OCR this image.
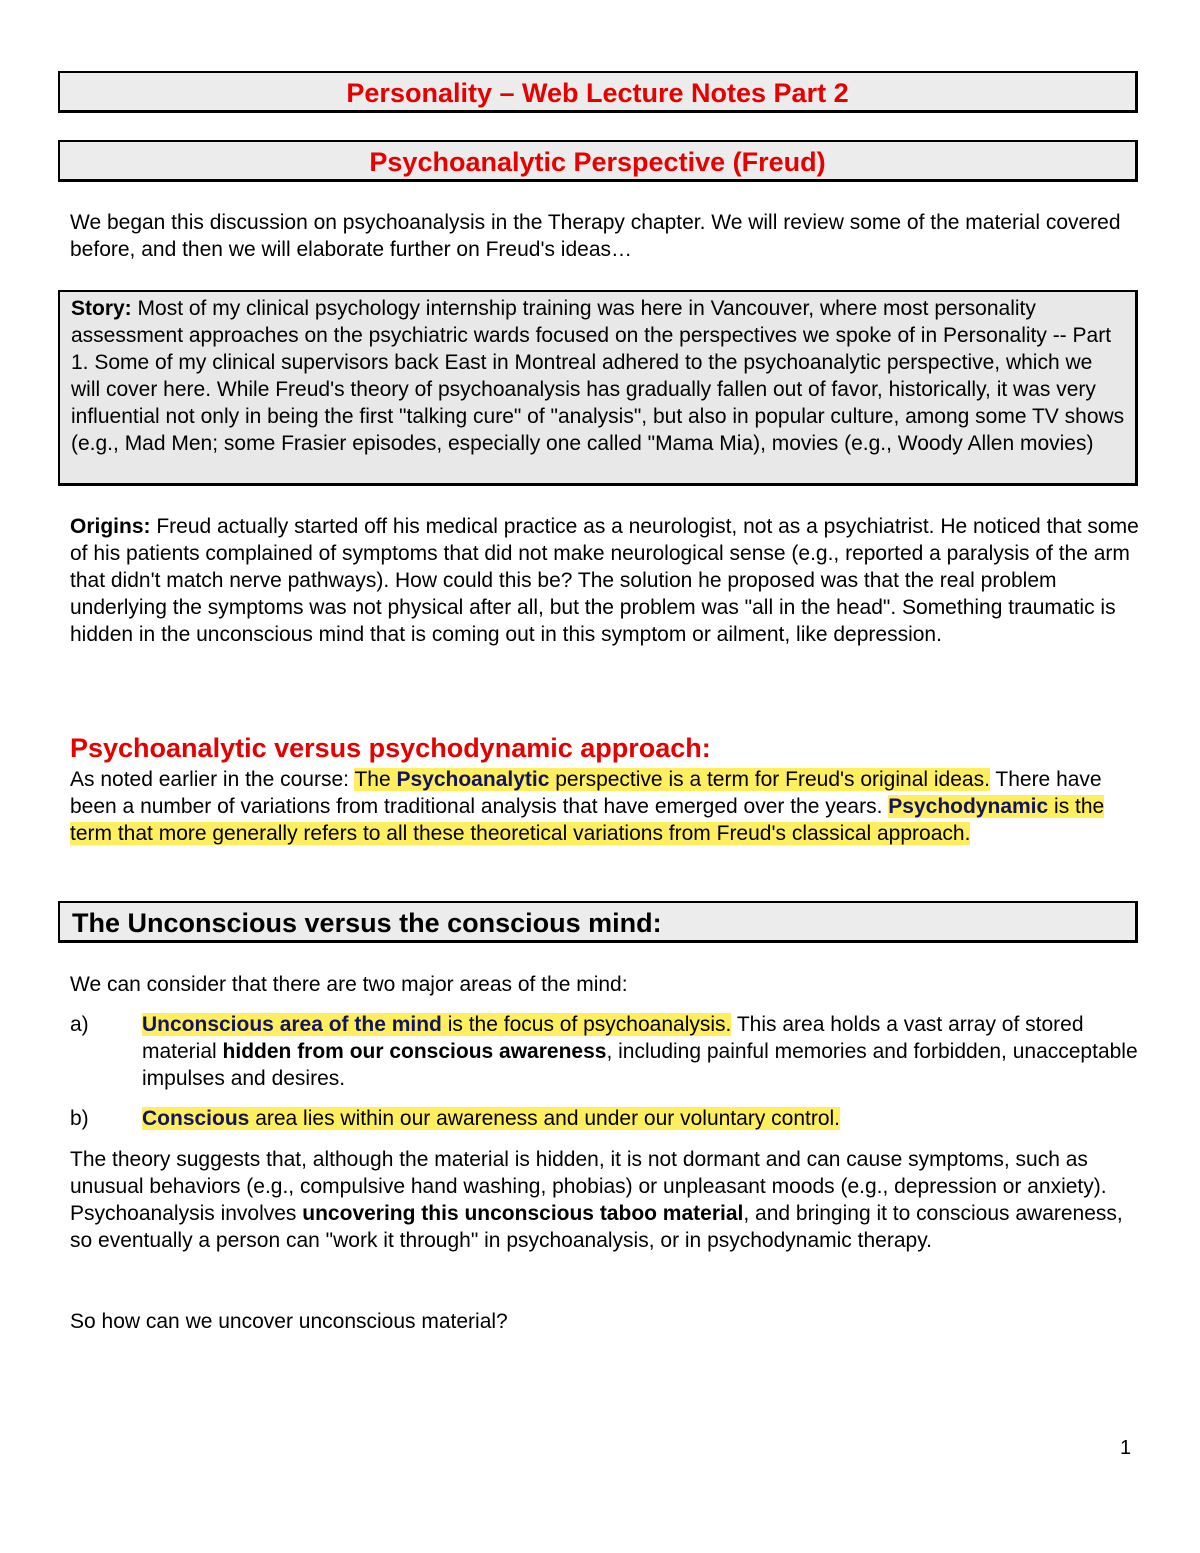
Personality – Web Lecture Notes Part 2
Psychoanalytic Perspective (Freud)

We began this discussion on psychoanalysis in the Therapy chapter. We will review some of the material covered before, and then we will elaborate further on Freud's ideas…

Story: Most of my clinical psychology internship training was here in Vancouver, where most personality assessment approaches on the psychiatric wards focused on the perspectives we spoke of in Personality -- Part 1. Some of my clinical supervisors back East in Montreal adhered to the psychoanalytic perspective, which we will cover here. While Freud's theory of psychoanalysis has gradually fallen out of favor, historically, it was very influential not only in being the first "talking cure" of "analysis", but also in popular culture, among some TV shows (e.g., Mad Men; some Frasier episodes, especially one called "Mama Mia), movies (e.g., Woody Allen movies)

Origins: Freud actually started off his medical practice as a neurologist, not as a psychiatrist. He noticed that some of his patients complained of symptoms that did not make neurological sense (e.g., reported a paralysis of the arm that didn't match nerve pathways). How could this be? The solution he proposed was that the real problem underlying the symptoms was not physical after all, but the problem was "all in the head". Something traumatic is hidden in the unconscious mind that is coming out in this symptom or ailment, like depression.

Psychoanalytic versus psychodynamic approach:

As noted earlier in the course: The Psychoanalytic perspective is a term for Freud's original ideas. There have been a number of variations from traditional analysis that have emerged over the years. Psychodynamic is the term that more generally refers to all these theoretical variations from Freud's classical approach.

The Unconscious versus the conscious mind:

We can consider that there are two major areas of the mind:

a)	Unconscious area of the mind is the focus of psychoanalysis. This area holds a vast array of stored material hidden from our conscious awareness, including painful memories and forbidden, unacceptable impulses and desires.
b)	Conscious area lies within our awareness and under our voluntary control.

The theory suggests that, although the material is hidden, it is not dormant and can cause symptoms, such as unusual behaviors (e.g., compulsive hand washing, phobias) or unpleasant moods (e.g., depression or anxiety). Psychoanalysis involves uncovering this unconscious taboo material, and bringing it to conscious awareness, so eventually a person can "work it through" in psychoanalysis, or in psychodynamic therapy.

So how can we uncover unconscious material?

1
